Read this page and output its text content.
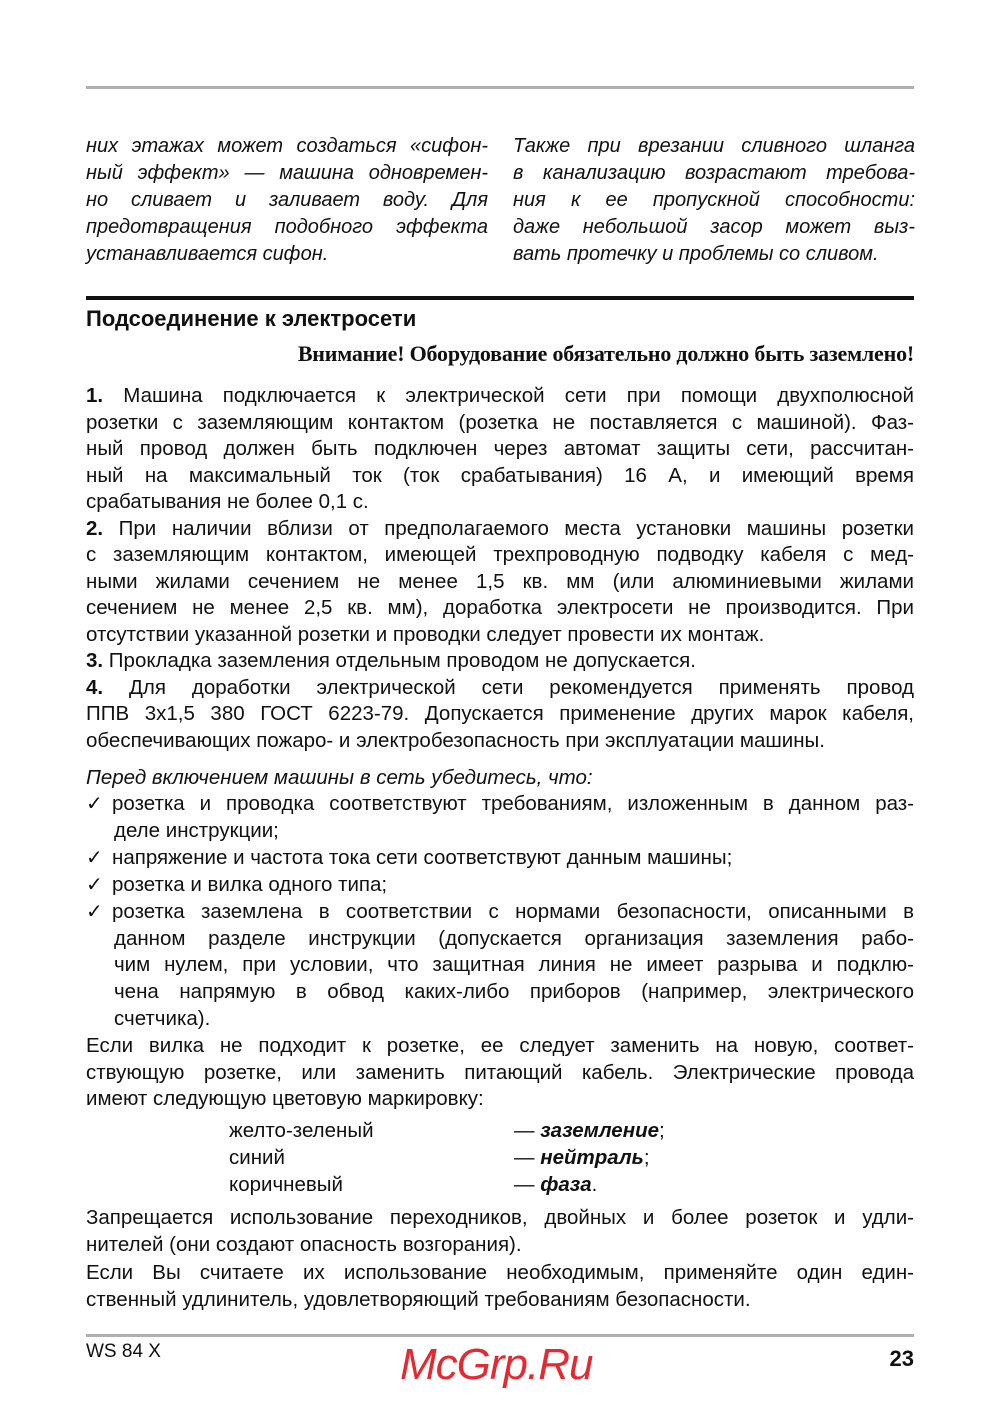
них этажах может создаться «сифон-
ный эффект» — машина одновремен-
но сливает и заливает воду. Для
предотвращения подобного эффекта
устанавливается сифон.
Также при врезании сливного шланга
в канализацию возрастают требова-
ния к ее пропускной способности:
даже небольшой засор может выз-
вать протечку и проблемы со сливом.
Подсоединение к электросети
Внимание! Оборудование обязательно должно быть заземлено!
1. Машина подключается к электрической сети при помощи двухполюсной
розетки с заземляющим контактом (розетка не поставляется с машиной). Фаз-
ный провод должен быть подключен через автомат защиты сети, рассчитан-
ный на максимальный ток (ток срабатывания) 16 А, и имеющий время
срабатывания не более 0,1 с.
2. При наличии вблизи от предполагаемого места установки машины розетки
с заземляющим контактом, имеющей трехпроводную подводку кабеля с мед-
ными жилами сечением не менее 1,5 кв. мм (или алюминиевыми жилами
сечением не менее 2,5 кв. мм), доработка электросети не производится. При
отсутствии указанной розетки и проводки следует провести их монтаж.
3. Прокладка заземления отдельным проводом не допускается.
4. Для доработки электрической сети рекомендуется применять провод
ППВ 3х1,5 380 ГОСТ 6223-79. Допускается применение других марок кабеля,
обеспечивающих пожаро- и электробезопасность при эксплуатации машины.
Перед включением машины в сеть убедитесь, что:
✓ розетка и проводка соответствуют требованиям, изложенным в данном раз-
деле инструкции;
✓ напряжение и частота тока сети соответствуют данным машины;
✓ розетка и вилка одного типа;
✓ розетка заземлена в соответствии с нормами безопасности, описанными в
данном разделе инструкции (допускается организация заземления рабо-
чим нулем, при условии, что защитная линия не имеет разрыва и подклю-
чена напрямую в обвод каких-либо приборов (например, электрического
счетчика).
Если вилка не подходит к розетке, ее следует заменить на новую, соответ-
ствующую розетке, или заменить питающий кабель. Электрические провода
имеют следующую цветовую маркировку:
желто-зеленый	— заземление;
синий	— нейтраль;
коричневый	— фаза.
Запрещается использование переходников, двойных и более розеток и удли-
нителей (они создают опасность возгорания).
Если Вы считаете их использование необходимым, применяйте один един-
ственный удлинитель, удовлетворяющий требованиям безопасности.
WS 84 X	McGrp.Ru	23
